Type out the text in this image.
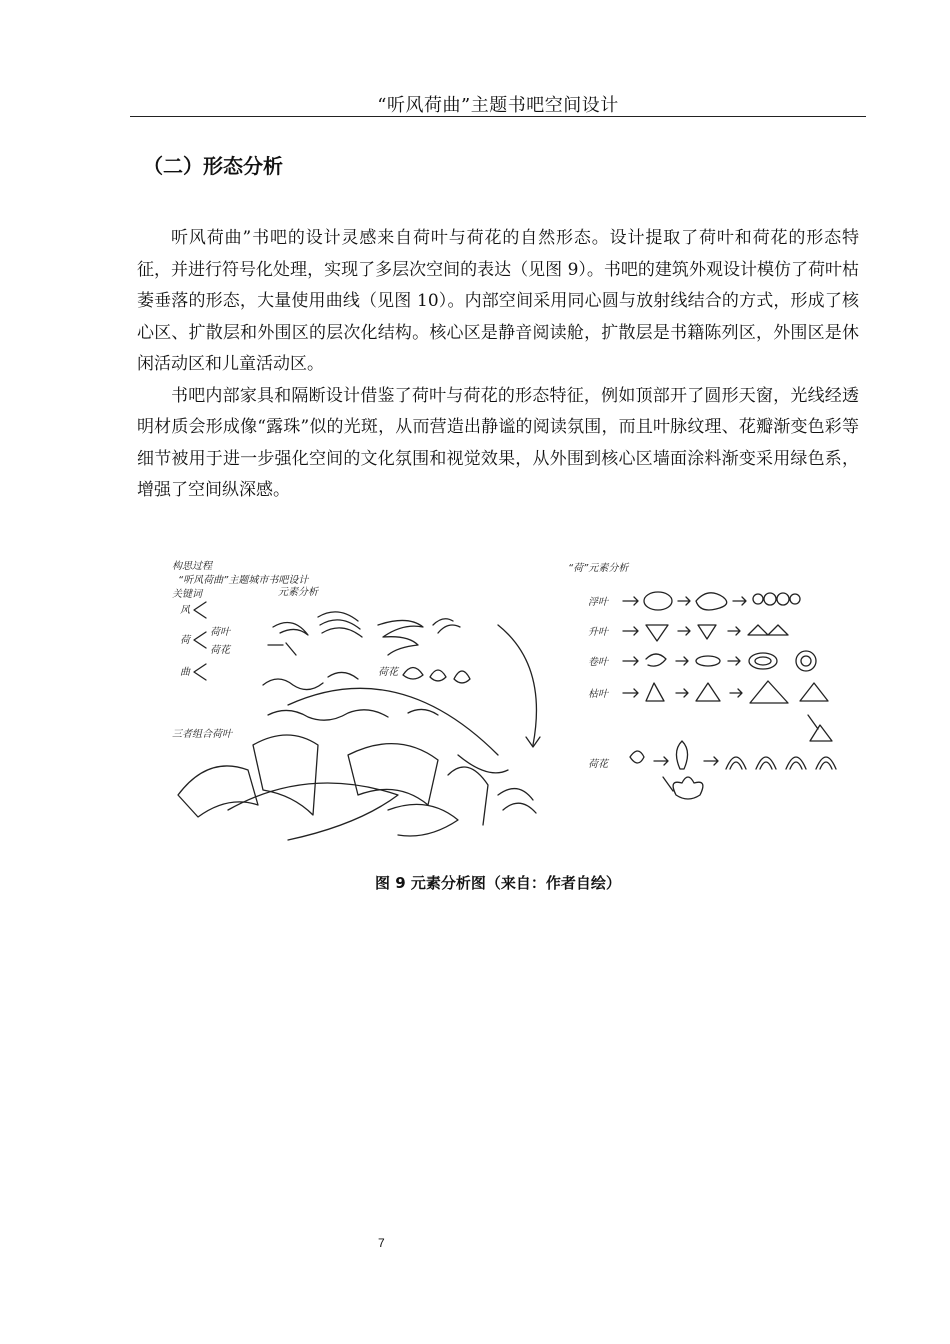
“听风荷曲”主题书吧空间设计
（二）形态分析

听风荷曲”书吧的设计灵感来自荷叶与荷花的自然形态。设计提取了荷叶和荷花的形态特征，并进行符号化处理，实现了多层次空间的表达（见图 9）。书吧的建筑外观设计模仿了荷叶枯萎垂落的形态，大量使用曲线（见图 10）。内部空间采用同心圆与放射线结合的方式，形成了核心区、扩散层和外围区的层次化结构。核心区是静音阅读舱，扩散层是书籍陈列区，外围区是休闲活动区和儿童活动区。

书吧内部家具和隔断设计借鉴了荷叶与荷花的形态特征，例如顶部开了圆形天窗，光线经透明材质会形成像“露珠”似的光斑，从而营造出静谧的阅读氛围，而且叶脉纹理、花瓣渐变色彩等细节被用于进一步强化空间的文化氛围和视觉效果，从外围到核心区墙面涂料渐变采用绿色系，增强了空间纵深感。

构思过程
“听风荷曲”主题城市书吧设计
关键词	元素分析
风
荷
荷叶
荷花
曲	荷花
三者组合荷叶
“荷”元素分析
浮叶
升叶
卷叶
枯叶
荷花
图 9 元素分析图（来自：作者自绘）
7
